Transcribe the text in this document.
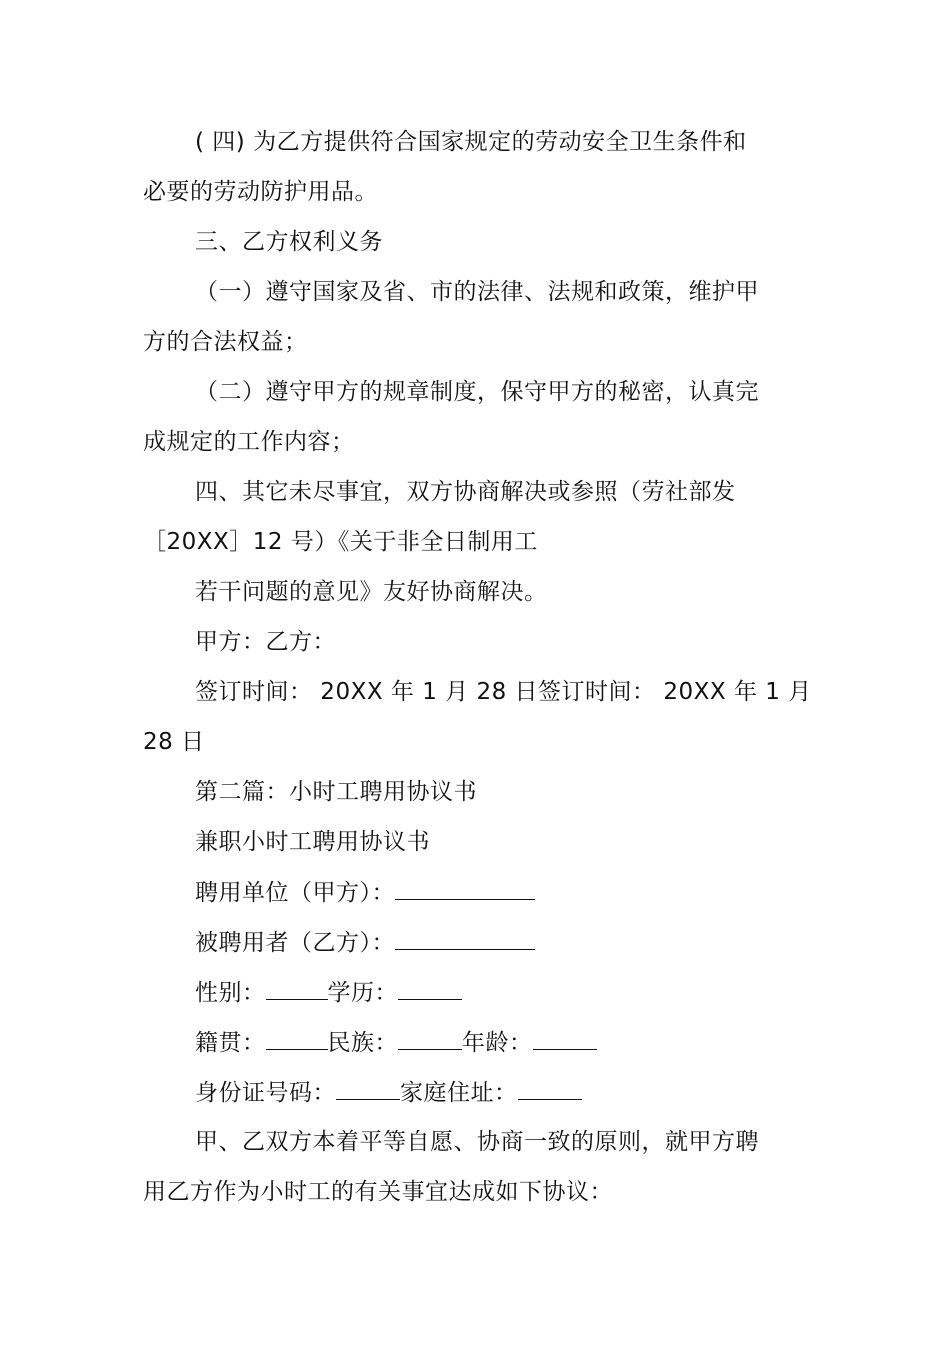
( 四) 为乙方提供符合国家规定的劳动安全卫生条件和
必要的劳动防护用品。
三、乙方权利义务
（一）遵守国家及省、市的法律、法规和政策，维护甲
方的合法权益；
（二）遵守甲方的规章制度，保守甲方的秘密，认真完
成规定的工作内容；
四、其它未尽事宜，双方协商解决或参照（劳社部发
［20XX］12 号）《关于非全日制用工
若干问题的意见》友好协商解决。
甲方：乙方：
签订时间： 20XX 年 1 月 28 日签订时间： 20XX 年 1 月
28 日
第二篇：小时工聘用协议书
兼职小时工聘用协议书
聘用单位（甲方）：
被聘用者（乙方）：
性别：	学历：
籍贯：	民族：	年龄：
身份证号码：	家庭住址：
甲、乙双方本着平等自愿、协商一致的原则，就甲方聘
用乙方作为小时工的有关事宜达成如下协议：
